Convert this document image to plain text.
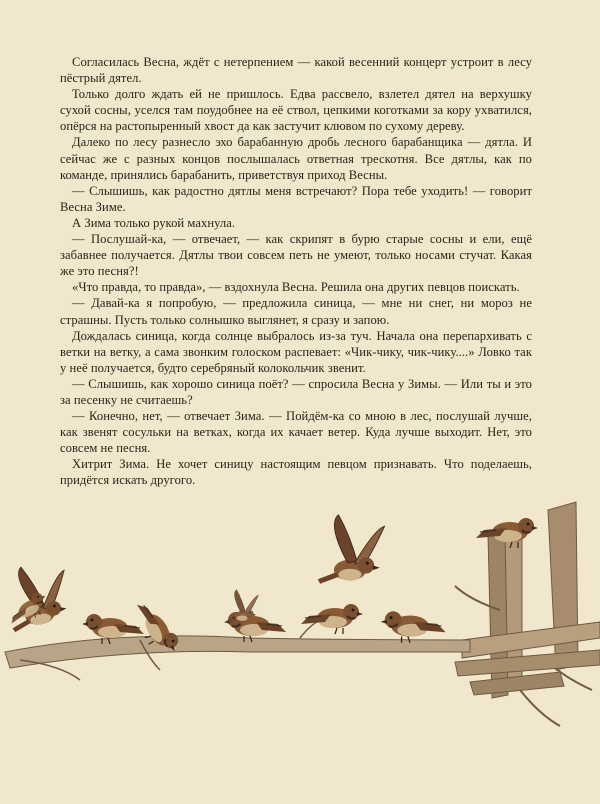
Согласилась Весна, ждёт с нетерпением — какой весенний концерт устроит в лесу пёстрый дятел.

Только долго ждать ей не пришлось. Едва рассвело, взлетел дятел на верхушку сухой сосны, уселся там поудобнее на её ствол, цепкими коготками за кору ухватился, опёрся на растопыренный хвост да как застучит клювом по сухому дереву.

Далеко по лесу разнесло эхо барабанную дробь лесного барабанщика — дятла. И сейчас же с разных концов послышалась ответная трескотня. Все дятлы, как по команде, принялись барабанить, приветствуя приход Весны.

— Слышишь, как радостно дятлы меня встречают? Пора тебе уходить! — говорит Весна Зиме.

А Зима только рукой махнула.

— Послушай-ка, — отвечает, — как скрипят в бурю старые сосны и ели, ещё забавнее получается. Дятлы твои совсем петь не умеют, только носами стучат. Какая же это песня?!

«Что правда, то правда», — вздохнула Весна. Решила она других певцов поискать.

— Давай-ка я попробую, — предложила синица, — мне ни снег, ни мороз не страшны. Пусть только солнышко выглянет, я сразу и запою.

Дождалась синица, когда солнце выбралось из-за туч. Начала она перепархивать с ветки на ветку, а сама звонким голоском распевает: «Чик-чику, чик-чику....» Ловко так у неё получается, будто серебряный колокольчик звенит.

— Слышишь, как хорошо синица поёт? — спросила Весна у Зимы. — Или ты и это за песенку не считаешь?

— Конечно, нет, — отвечает Зима. — Пойдём-ка со мною в лес, послушай лучше, как звенят сосульки на ветках, когда их качает ветер. Куда лучше выходит. Нет, это совсем не песня.

Хитрит Зима. Не хочет синицу настоящим певцом признавать. Что поделаешь, придётся искать другого.
